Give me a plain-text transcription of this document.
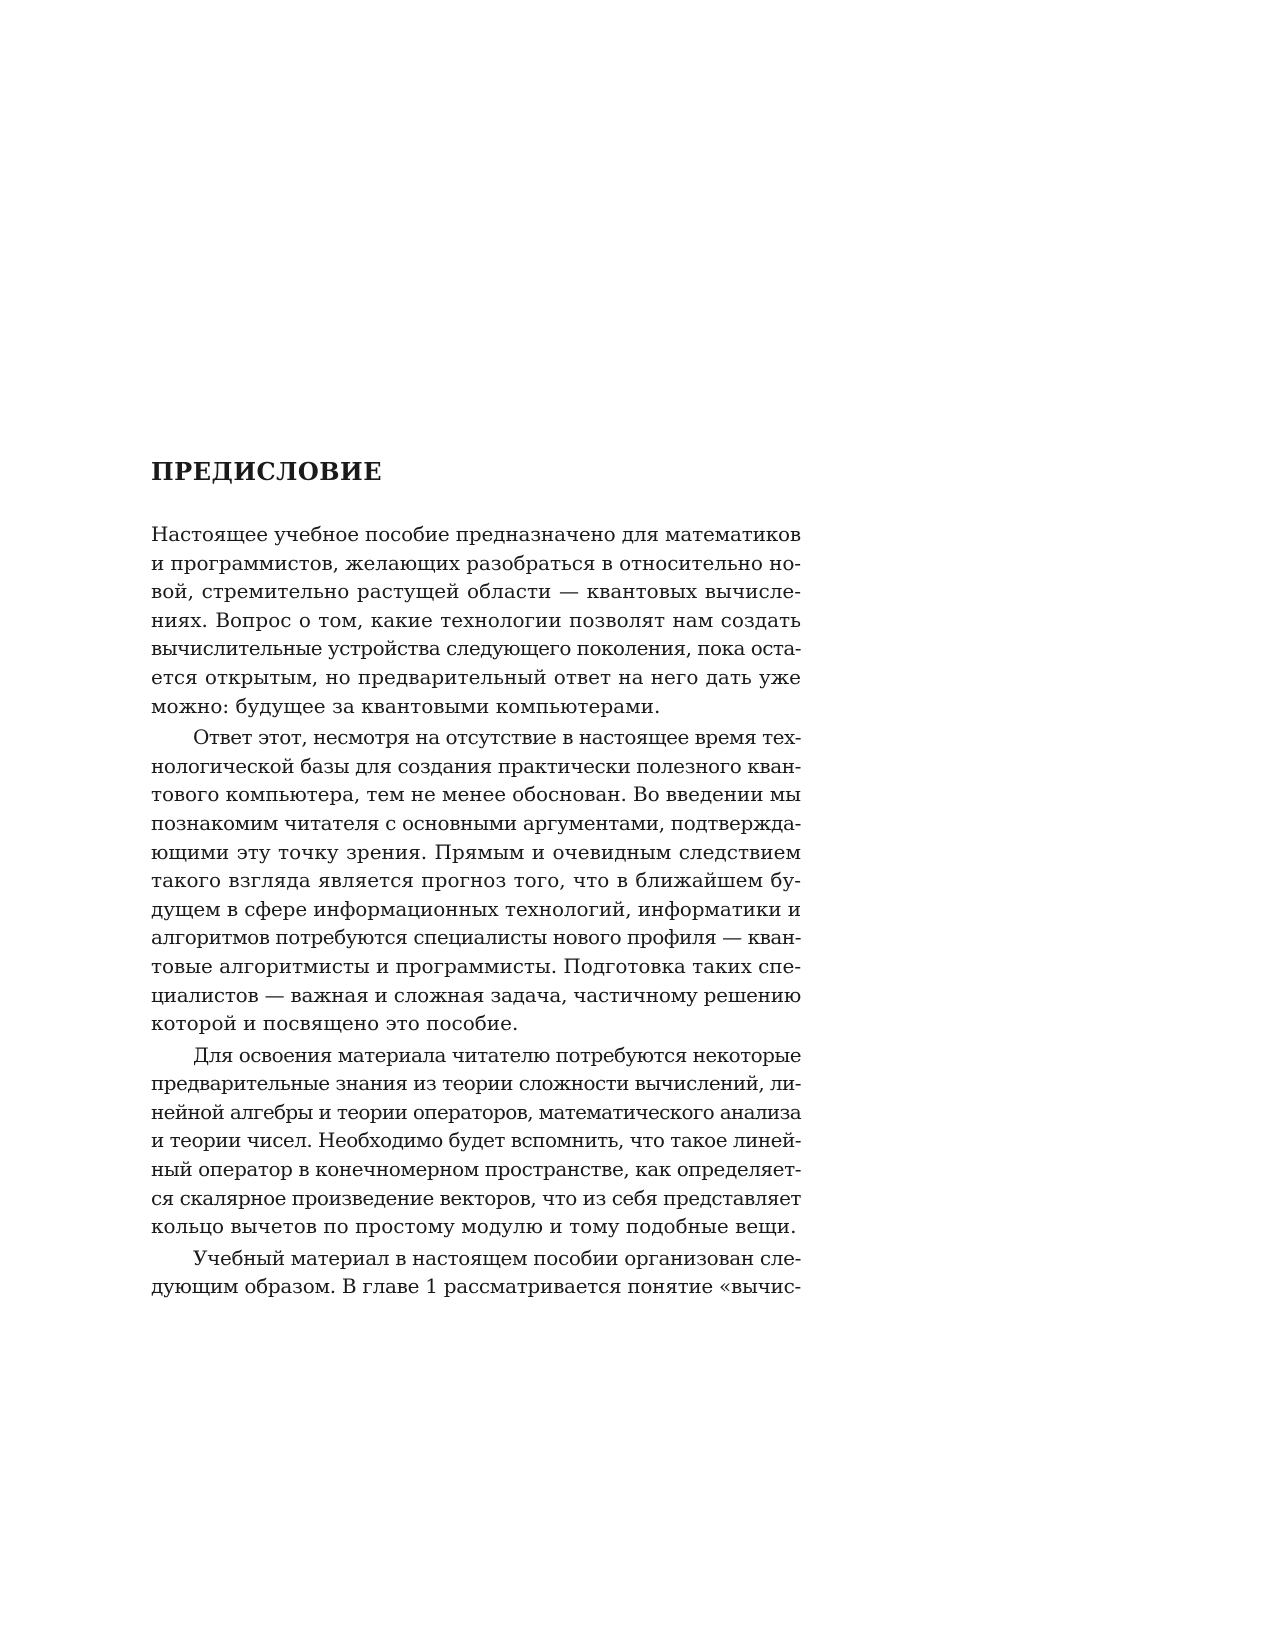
ПРЕДИСЛОВИЕ
Настоящее учебное пособие предназначено для математиков
и программистов, желающих разобраться в относительно но-
вой, стремительно растущей области — квантовых вычисле-
ниях. Вопрос о том, какие технологии позволят нам создать
вычислительные устройства следующего поколения, пока оста-
ется открытым, но предварительный ответ на него дать уже
можно: будущее за квантовыми компьютерами.
Ответ этот, несмотря на отсутствие в настоящее время тех-
нологической базы для создания практически полезного кван-
тового компьютера, тем не менее обоснован. Во введении мы
познакомим читателя с основными аргументами, подтвержда-
ющими эту точку зрения. Прямым и очевидным следствием
такого взгляда является прогноз того, что в ближайшем бу-
дущем в сфере информационных технологий, информатики и
алгоритмов потребуются специалисты нового профиля — кван-
товые алгоритмисты и программисты. Подготовка таких спе-
циалистов — важная и сложная задача, частичному решению
которой и посвящено это пособие.
Для освоения материала читателю потребуются некоторые
предварительные знания из теории сложности вычислений, ли-
нейной алгебры и теории операторов, математического анализа
и теории чисел. Необходимо будет вспомнить, что такое линей-
ный оператор в конечномерном пространстве, как определяет-
ся скалярное произведение векторов, что из себя представляет
кольцо вычетов по простому модулю и тому подобные вещи.
Учебный материал в настоящем пособии организован сле-
дующим образом. В главе 1 рассматривается понятие «вычис-
